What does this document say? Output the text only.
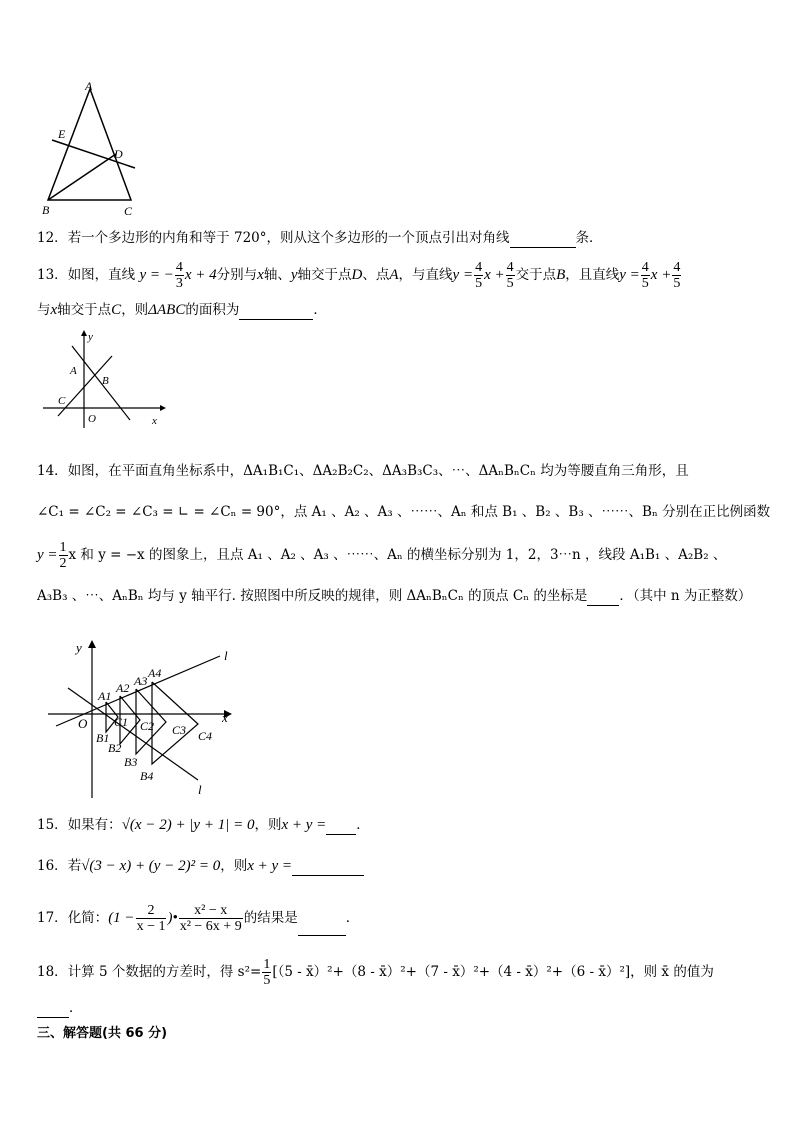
A
E
D
B	C
12．若一个多边形的内角和等于 720°，则从这个多边形的一个顶点引出对角线	条．
13．如图，直线 y = − $\frac{4}{3}$ x + 4分别与x轴、y轴交于点D、点A，与直线$y = \frac{4}{5}$ $x + \frac{4}{5}$ 交于点B，且直线$y = \frac{4}{5}$ $x + \frac{4}{5}$
与x轴交于点C，则ΔABC的面积为	．
y
A
B
C
O	x
14．如图，在平面直角坐标系中，ΔA₁B₁C₁、ΔA₂B₂C₂、ΔA₃B₃C₃、⋯、ΔAₙBₙCₙ 均为等腰直角三角形，且
∠C₁ = ∠C₂ = ∠C₃ = ∟ = ∠Cₙ = 90°，点 A₁ 、A₂ 、A₃ 、⋯⋯、Aₙ 和点 B₁ 、B₂ 、B₃ 、⋯⋯、Bₙ 分别在正比例函数
$y = \frac{1}{2}$ x 和 y = −x 的图象上，且点 A₁ 、A₂ 、A₃ 、⋯⋯、Aₙ 的横坐标分别为 1，2，3⋯n ，线段 A₁B₁ 、A₂B₂ 、
A₃B₃ 、⋯、AₙBₙ 均与 y 轴平行. 按照图中所反映的规律，则 ΔAₙBₙCₙ 的顶点 Cₙ 的坐标是 ．（其中 n 为正整数）
y
l
A1
A2 A3
A4
O C1 C2 C3 C4
x
B1
B2
B3
B4
l
15．如果有：√(x − 2) + |y + 1| = 0，则x + y = ．
16．若√(3 − x) + (y − 2)² = 0，则x + y =
17．化简：($1 - \frac{2}{x - 1}$ )• $\frac{\text{x² − x}}{\text{x² − 6x + 9}}$ 的结果是	．
18．计算 5 个数据的方差时，得 $s^2= \frac{1}{5} [(5$ - x̄）²+（8 - x̄）²+（7 - x̄）²+（4 - x̄）²+（6 - x̄）²]，则 x̄ 的值为
．
三、解答题(共 66 分)
